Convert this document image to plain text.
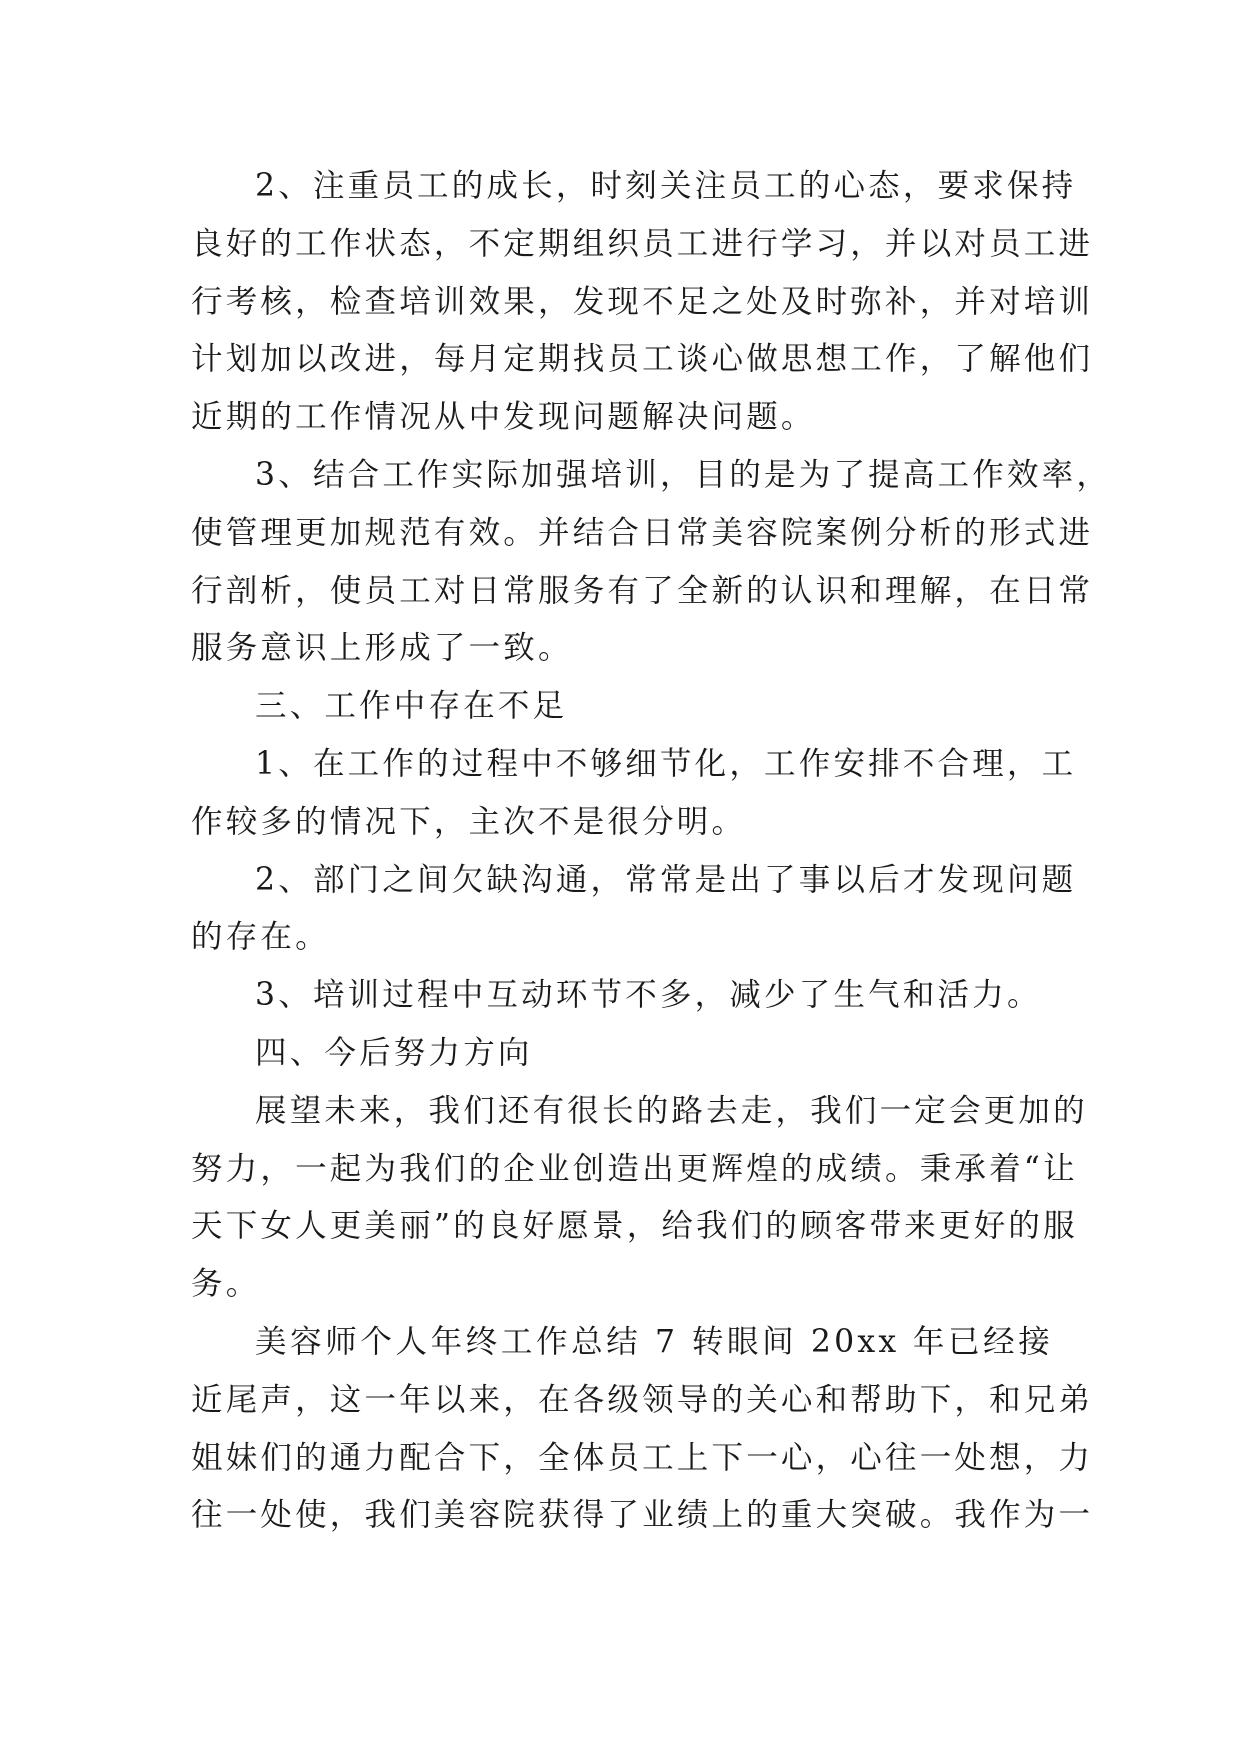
2、注重员工的成长，时刻关注员工的心态，要求保持
良好的工作状态，不定期组织员工进行学习，并以对员工进
行考核，检查培训效果，发现不足之处及时弥补，并对培训
计划加以改进，每月定期找员工谈心做思想工作，了解他们
近期的工作情况从中发现问题解决问题。
3、结合工作实际加强培训，目的是为了提高工作效率，
使管理更加规范有效。并结合日常美容院案例分析的形式进
行剖析，使员工对日常服务有了全新的认识和理解，在日常
服务意识上形成了一致。
三、工作中存在不足
1、在工作的过程中不够细节化，工作安排不合理，工
作较多的情况下，主次不是很分明。
2、部门之间欠缺沟通，常常是出了事以后才发现问题
的存在。
3、培训过程中互动环节不多，减少了生气和活力。
四、今后努力方向
展望未来，我们还有很长的路去走，我们一定会更加的
努力，一起为我们的企业创造出更辉煌的成绩。秉承着“让
天下女人更美丽”的良好愿景，给我们的顾客带来更好的服
务。
美容师个人年终工作总结 7 转眼间 20xx 年已经接
近尾声，这一年以来，在各级领导的关心和帮助下，和兄弟
姐妹们的通力配合下，全体员工上下一心，心往一处想，力
往一处使，我们美容院获得了业绩上的重大突破。我作为一
